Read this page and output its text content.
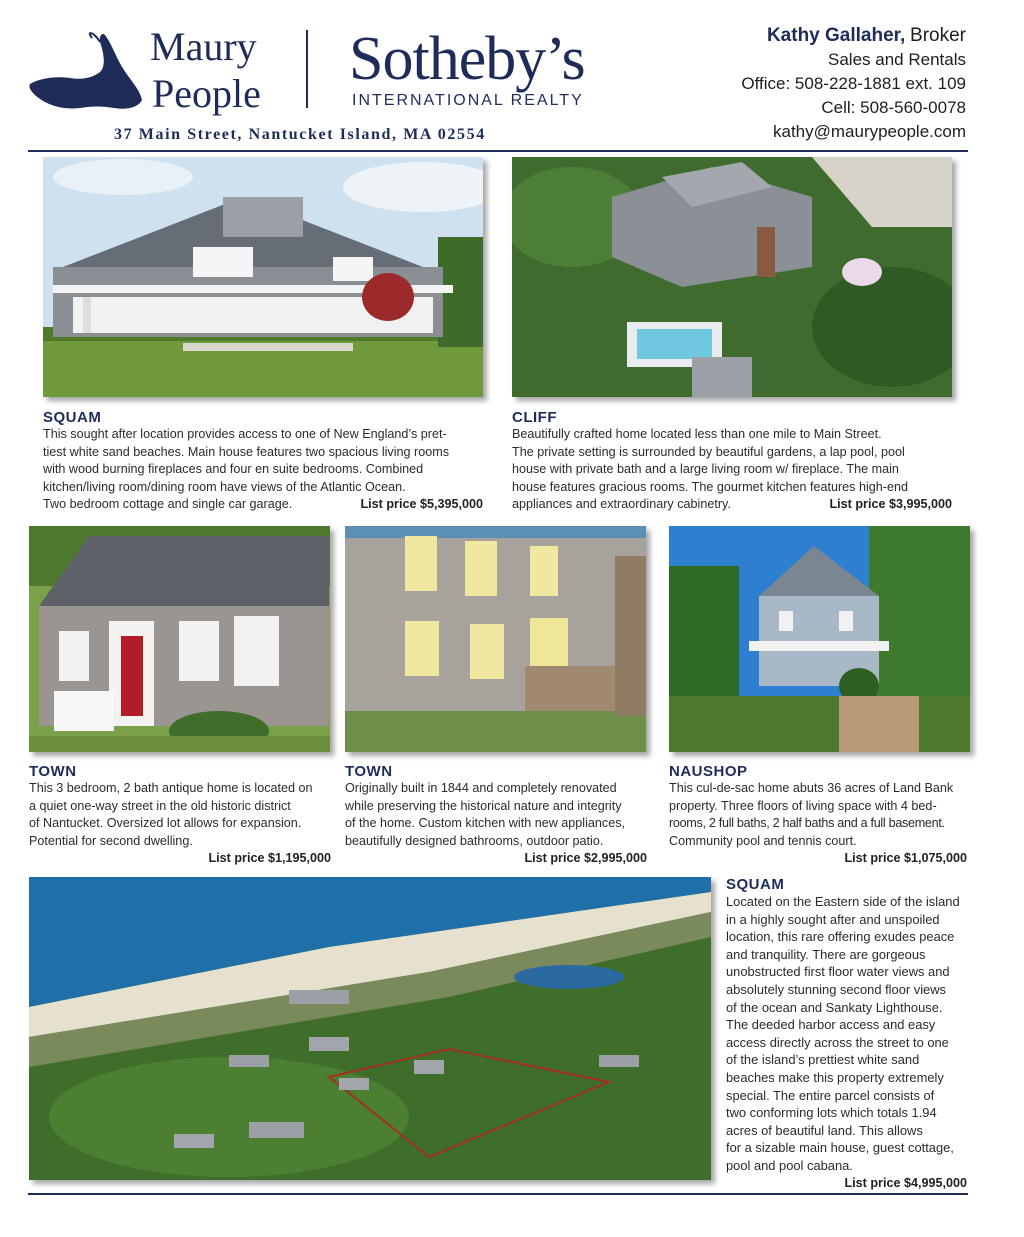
Maury
People
Sotheby’s
INTERNATIONAL REALTY
37 Main Street, Nantucket Island, MA 02554
Kathy Gallaher, Broker
Sales and Rentals
Office: 508-228-1881 ext. 109
Cell: 508-560-0078
kathy@maurypeople.com
SQUAM
This sought after location provides access to one of New England’s pret-
tiest white sand beaches. Main house features two spacious living rooms
with wood burning fireplaces and four en suite bedrooms. Combined
kitchen/living room/dining room have views of the Atlantic Ocean.
Two bedroom cottage and single car garage.	List price $5,395,000
CLIFF
Beautifully crafted home located less than one mile to Main Street.
The private setting is surrounded by beautiful gardens, a lap pool, pool
house with private bath and a large living room w/ fireplace. The main
house features gracious rooms. The gourmet kitchen features high-end
appliances and extraordinary cabinetry.	List price $3,995,000
TOWN
This 3 bedroom, 2 bath antique home is located on
a quiet one-way street in the old historic district
of Nantucket. Oversized lot allows for expansion.
Potential for second dwelling.
List price $1,195,000
TOWN
Originally built in 1844 and completely renovated
while preserving the historical nature and integrity
of the home. Custom kitchen with new appliances,
beautifully designed bathrooms, outdoor patio.
List price $2,995,000
NAUSHOP
This cul-de-sac home abuts 36 acres of Land Bank
property. Three floors of living space with 4 bed-
rooms, 2 full baths, 2 half baths and a full basement.
Community pool and tennis court.
List price $1,075,000
SQUAM
Located on the Eastern side of the island
in a highly sought after and unspoiled
location, this rare offering exudes peace
and tranquility. There are gorgeous
unobstructed first floor water views and
absolutely stunning second floor views
of the ocean and Sankaty Lighthouse.
The deeded harbor access and easy
access directly across the street to one
of the island’s prettiest white sand
beaches make this property extremely
special. The entire parcel consists of
two conforming lots which totals 1.94
acres of beautiful land. This allows
for a sizable main house, guest cottage,
pool and pool cabana.
List price $4,995,000
